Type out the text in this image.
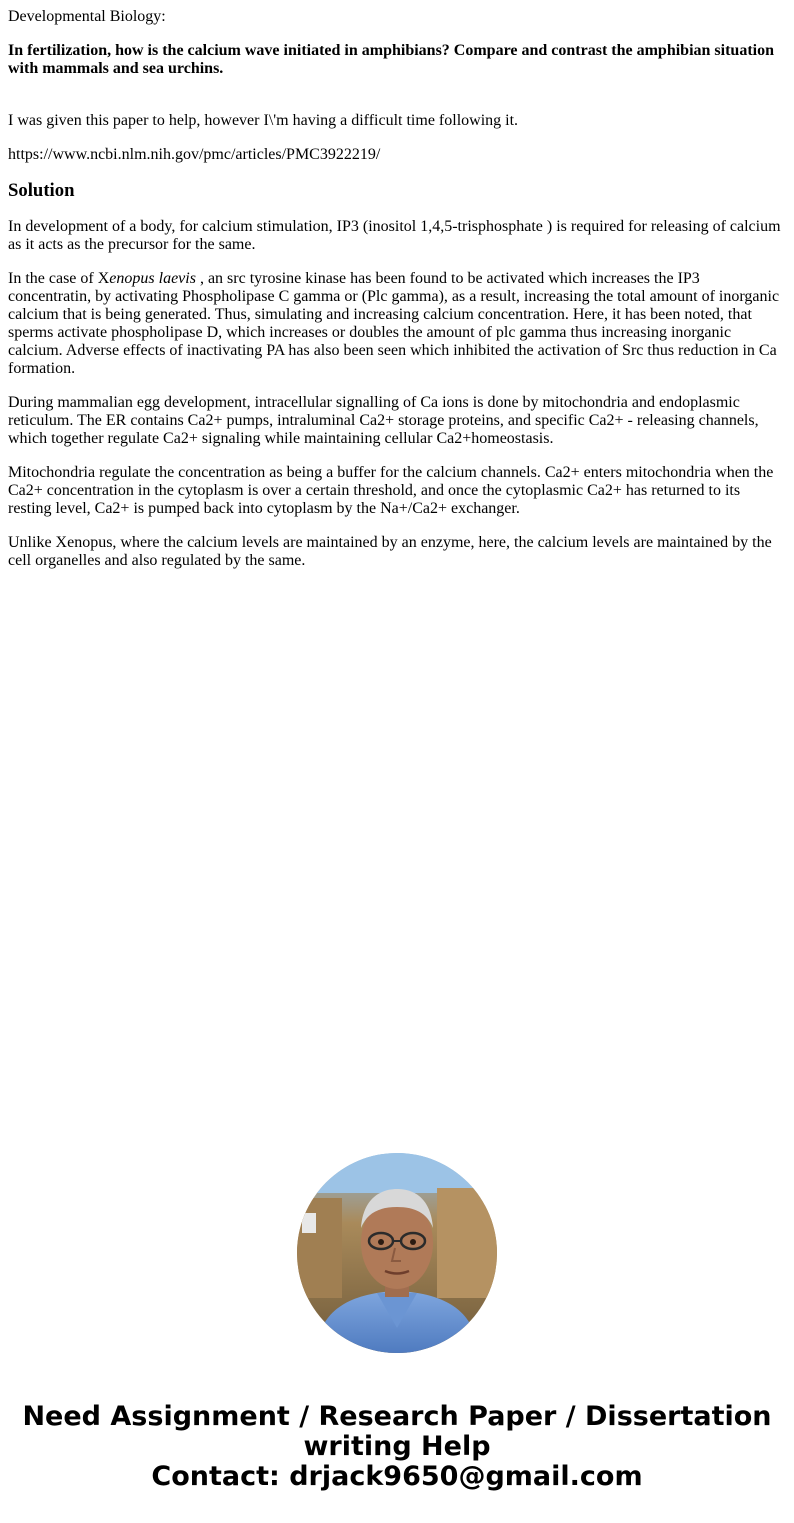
Developmental Biology:

In fertilization, how is the calcium wave initiated in amphibians? Compare and contrast the amphibian situation with mammals and sea urchins.

I was given this paper to help, however I\'m having a difficult time following it.

https://www.ncbi.nlm.nih.gov/pmc/articles/PMC3922219/

Solution

In development of a body, for calcium stimulation, IP3 (inositol 1,4,5-trisphosphate ) is required for releasing of calcium as it acts as the precursor for the same.

In the case of Xenopus laevis , an src tyrosine kinase has been found to be activated which increases the IP3 concentratin, by activating Phospholipase C gamma or (Plc gamma), as a result, increasing the total amount of inorganic calcium that is being generated. Thus, simulating and increasing calcium concentration. Here, it has been noted, that sperms activate phospholipase D, which increases or doubles the amount of plc gamma thus increasing inorganic calcium. Adverse effects of inactivating PA has also been seen which inhibited the activation of Src thus reduction in Ca formation.

During mammalian egg development, intracellular signalling of Ca ions is done by mitochondria and endoplasmic reticulum. The ER contains Ca2+ pumps, intraluminal Ca2+ storage proteins, and specific Ca2+ - releasing channels, which together regulate Ca2+ signaling while maintaining cellular Ca2+homeostasis.

Mitochondria regulate the concentration as being a buffer for the calcium channels. Ca2+ enters mitochondria when the Ca2+ concentration in the cytoplasm is over a certain threshold, and once the cytoplasmic Ca2+ has returned to its resting level, Ca2+ is pumped back into cytoplasm by the Na+/Ca2+ exchanger.

Unlike Xenopus, where the calcium levels are maintained by an enzyme, here, the calcium levels are maintained by the cell organelles and also regulated by the same.

Need Assignment / Research Paper / Dissertation writing Help
Contact: drjack9650@gmail.com
